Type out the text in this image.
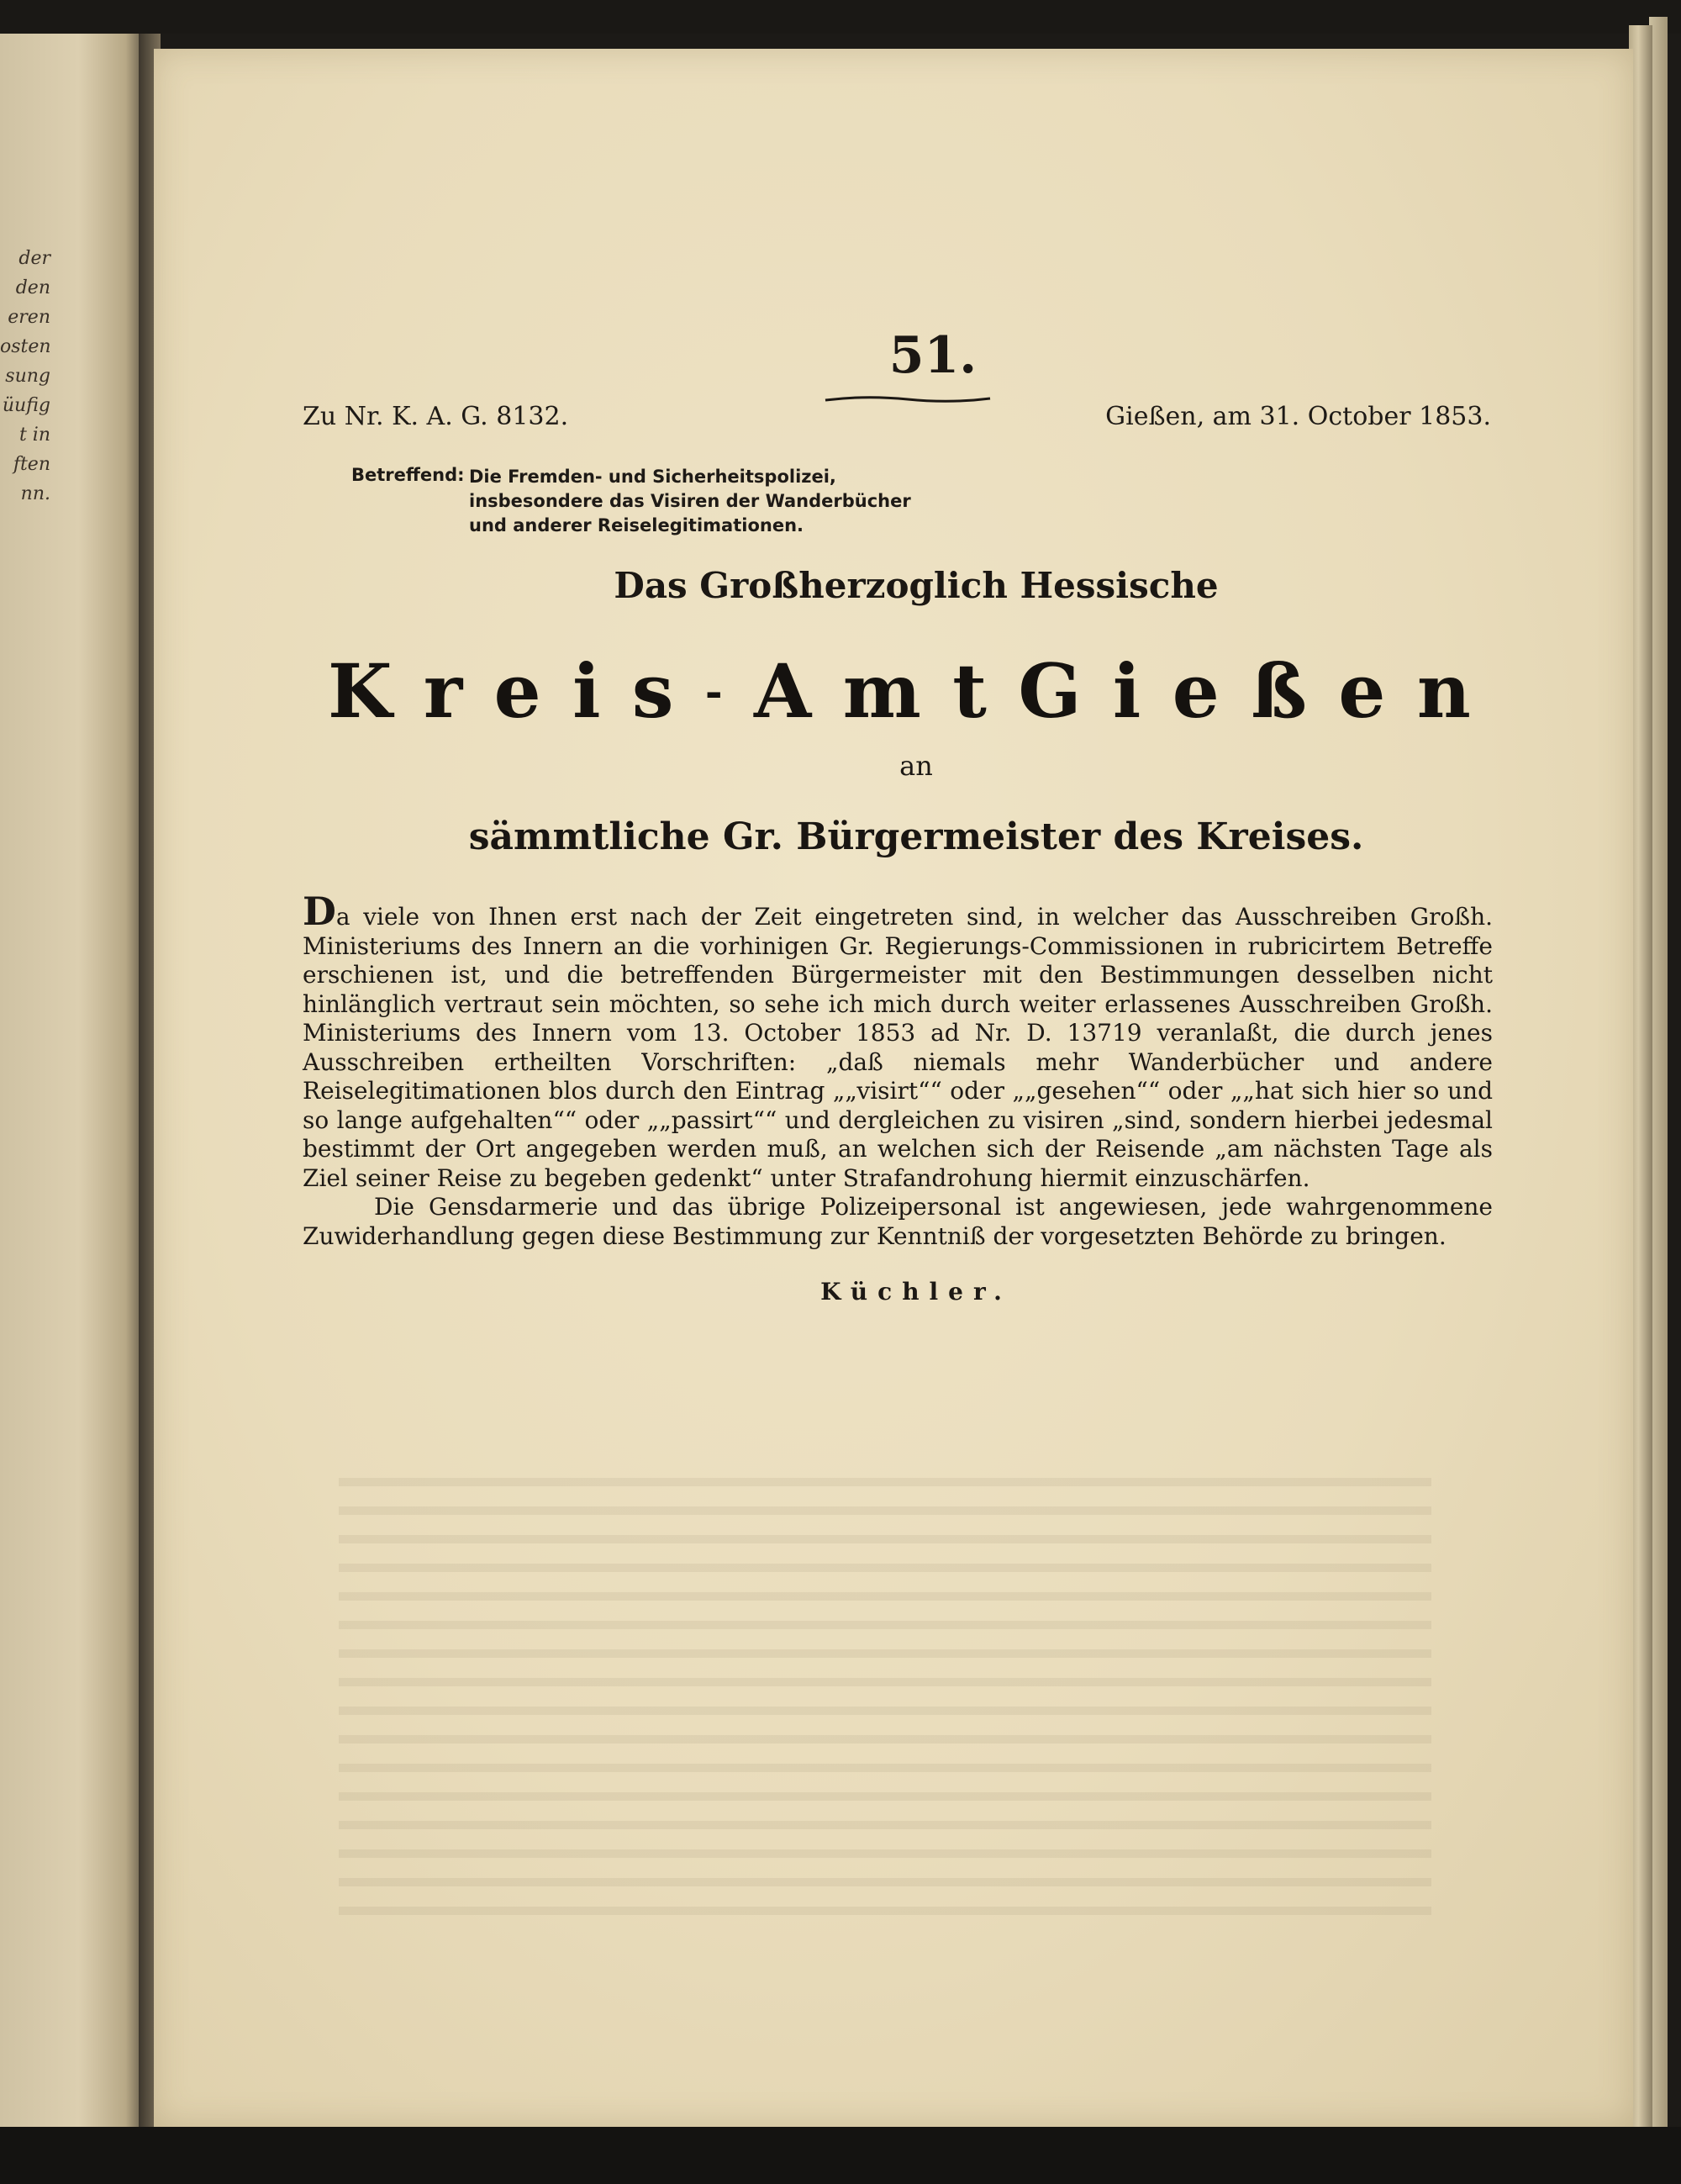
der
den
eren
osten
sung
üufig
t in
ften
nn.
51.
Zu Nr. K. A. G. 8132.	Gießen, am 31. October 1853.
Betreffend: Die Fremden- und Sicherheitspolizei, insbesondere das Visiren der Wanderbücher und anderer Reiselegitimationen.
Das Großherzoglich Hessische
K r e i s - A m t G i e ß e n
an
sämmtliche Gr. Bürgermeister des Kreises.

Da viele von Ihnen erst nach der Zeit eingetreten sind, in welcher das Ausschreiben Großh. Ministeriums des Innern an die vorhinigen Gr. Regierungs-Commissionen in rubricirtem Betreffe erschienen ist, und die betreffenden Bürgermeister mit den Bestimmungen desselben nicht hinlänglich vertraut sein möchten, so sehe ich mich durch weiter erlassenes Ausschreiben Großh. Ministeriums des Innern vom 13. October 1853 ad Nr. D. 13719 veranlaßt, die durch jenes Ausschreiben ertheilten Vorschriften: „daß niemals mehr Wanderbücher und andere Reiselegitimationen blos durch den Eintrag „„visirt““ oder „„gesehen““ oder „„hat sich hier so und so lange aufgehalten““ oder „„passirt““ und dergleichen zu visiren „sind, sondern hierbei jedesmal bestimmt der Ort angegeben werden muß, an welchen sich der Reisende „am nächsten Tage als Ziel seiner Reise zu begeben gedenkt“ unter Strafandrohung hiermit einzuschärfen.

Die Gensdarmerie und das übrige Polizeipersonal ist angewiesen, jede wahrgenommene Zuwiderhandlung gegen diese Bestimmung zur Kenntniß der vorgesetzten Behörde zu bringen.

Küchler.
